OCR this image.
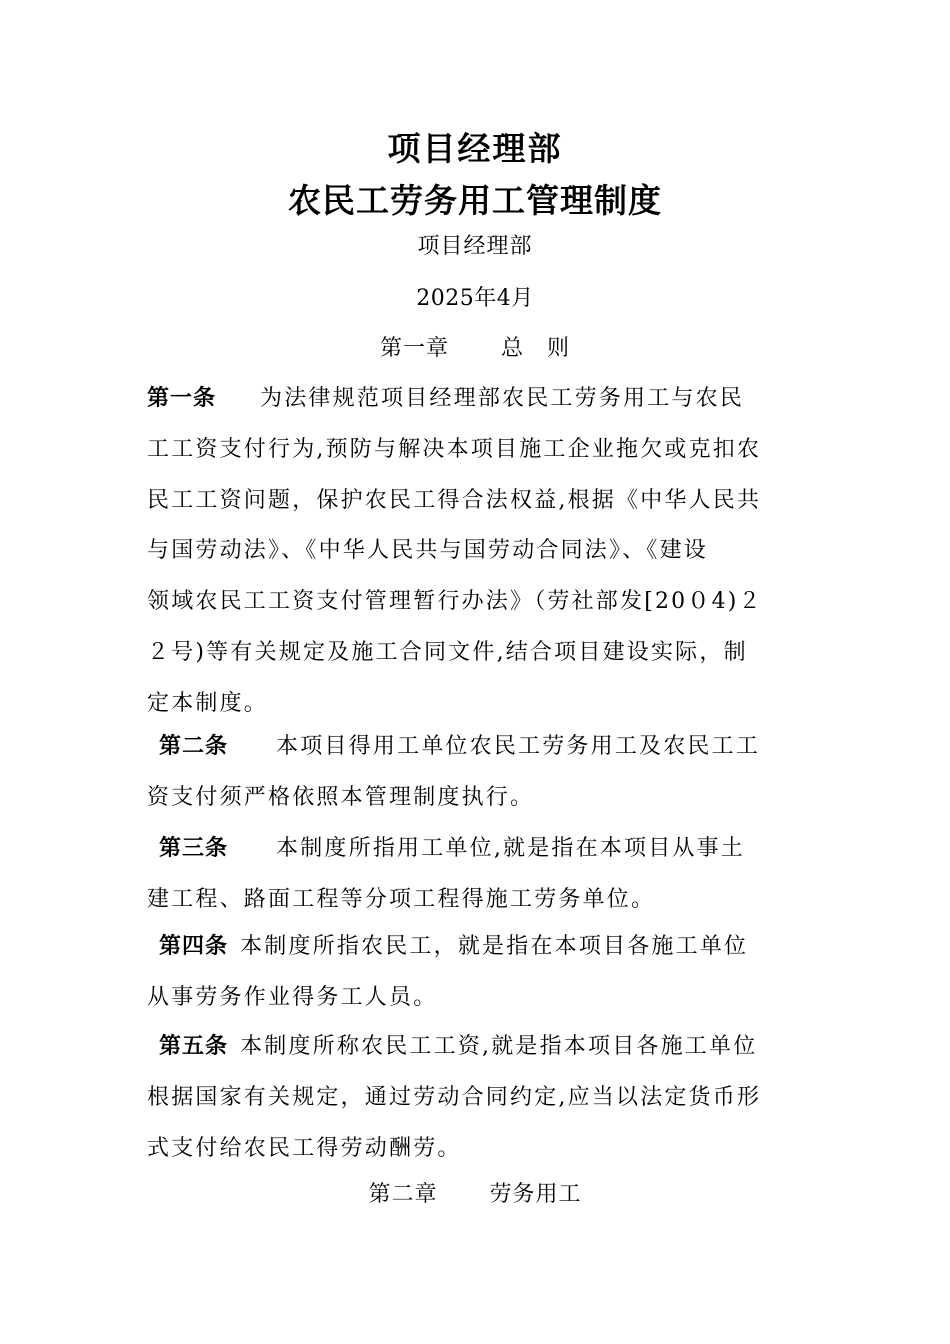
项目经理部
农民工劳务用工管理制度
项目经理部
2025年4月
第一章 总　则
第一条 为法律规范项目经理部农民工劳务用工与农民
工工资支付行为,预防与解决本项目施工企业拖欠或克扣农
民工工资问题，保护农民工得合法权益,根据《中华人民共
与国劳动法》、《中华人民共与国劳动合同法》、《建设
领域农民工工资支付管理暂行办法》（劳社部发[20０4)２
２号)等有关规定及施工合同文件,结合项目建设实际，制
定本制度。
第二条 本项目得用工单位农民工劳务用工及农民工工
资支付须严格依照本管理制度执行。
第三条 本制度所指用工单位,就是指在本项目从事土
建工程、路面工程等分项工程得施工劳务单位。
第四条 本制度所指农民工，就是指在本项目各施工单位
从事劳务作业得务工人员。
第五条 本制度所称农民工工资,就是指本项目各施工单位
根据国家有关规定，通过劳动合同约定,应当以法定货币形
式支付给农民工得劳动酬劳。
第二章 劳务用工
